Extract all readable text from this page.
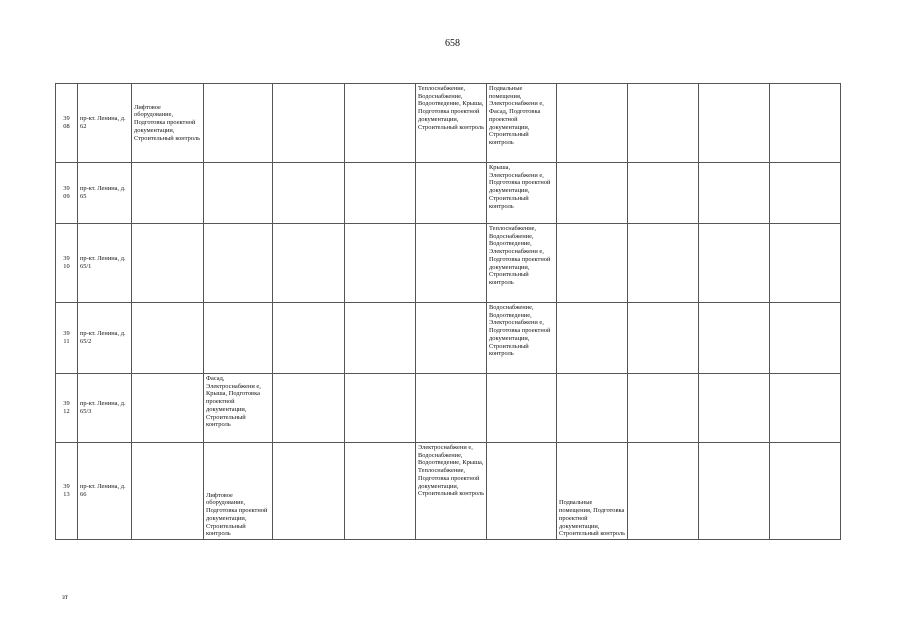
658
39 08	пр-кт. Ленина, д. 62	Лифтовое оборудование, Подготовка проектной документации, Строительный контроль				Теплоснабжение, Водоснабжение, Водоотведение, Крыша, Подготовка проектной документации, Строительный контроль	Подвальные помещения, Электроснабжени е, Фасад, Подготовка проектной документации, Строительный контроль				
39 09	пр-кт. Ленина, д. 65						Крыша, Электроснабжени е, Подготовка проектной документации, Строительный контроль				
39 10	пр-кт. Ленина, д. 65/1						Теплоснабжение, Водоснабжение, Водоотведение, Электроснабжени е, Подготовка проектной документации, Строительный контроль				
39 11	пр-кт. Ленина, д. 65/2						Водоснабжение, Водоотведение, Электроснабжени е, Подготовка проектной документации, Строительный контроль				
39 12	пр-кт. Ленина, д. 65/3		Фасад, Электроснабжени е, Крыша, Подготовка проектной документации, Строительный контроль								
39 13	пр-кт. Ленина, д. 66		Лифтовое оборудование, Подготовка проектной документации, Строительный контроль			Электроснабжени е, Водоснабжение, Водоотведение, Крыша, Теплоснабжение, Подготовка проектной документации, Строительный контроль		Подвальные помещения, Подготовка проектной документации, Строительный контроль			
зт
